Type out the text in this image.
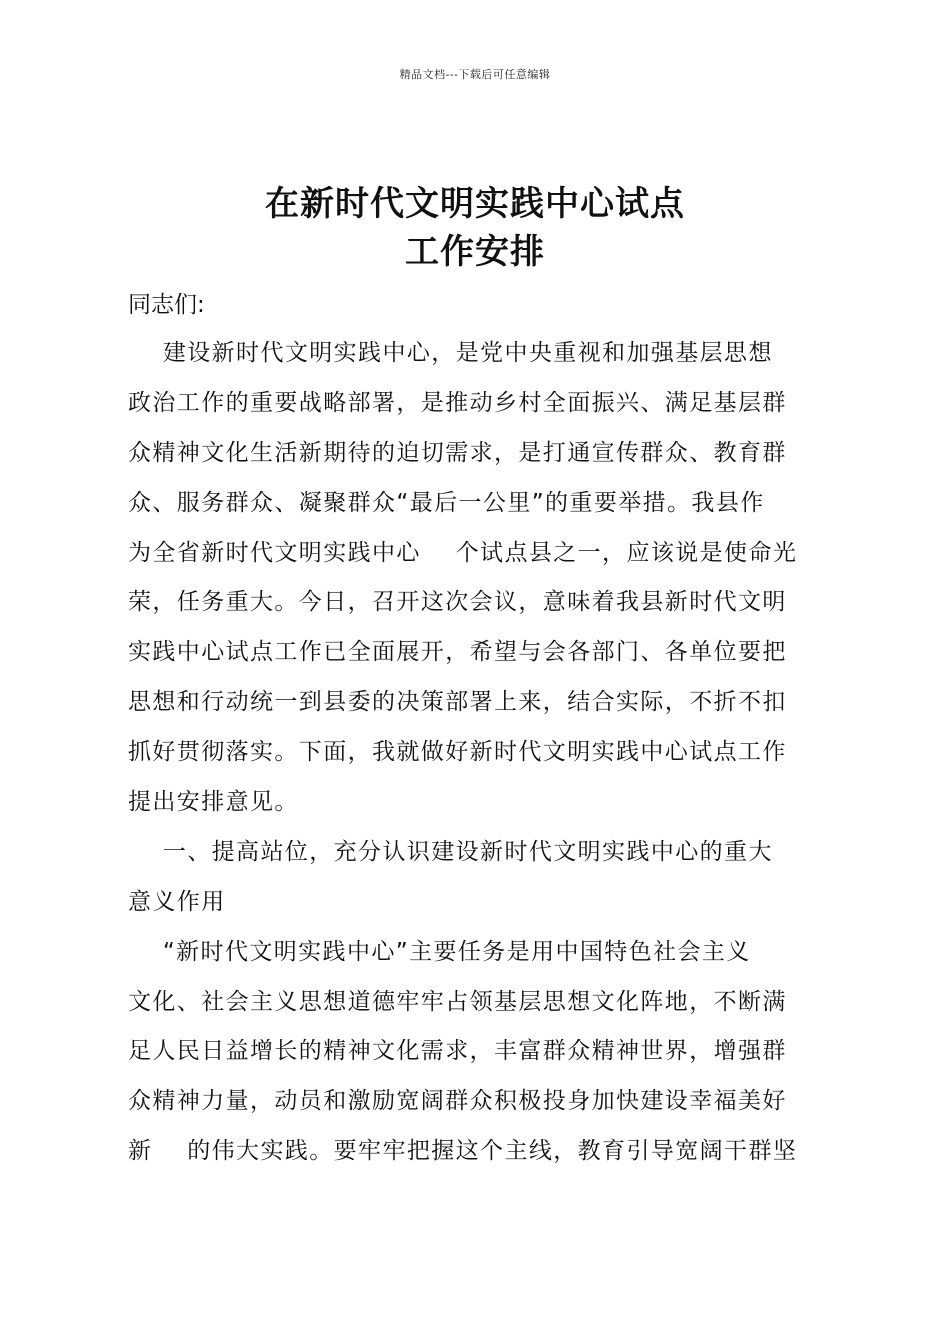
精品文档---下载后可任意编辑
在新时代文明实践中心试点
工作安排
同志们:
建设新时代文明实践中心，是党中央重视和加强基层思想
政治工作的重要战略部署，是推动乡村全面振兴、满足基层群
众精神文化生活新期待的迫切需求，是打通宣传群众、教育群
众、服务群众、凝聚群众“最后一公里”的重要举措。我县作
为全省新时代文明实践中心    个试点县之一，应该说是使命光
荣，任务重大。今日，召开这次会议，意味着我县新时代文明
实践中心试点工作已全面展开，希望与会各部门、各单位要把
思想和行动统一到县委的决策部署上来，结合实际，不折不扣
抓好贯彻落实。下面，我就做好新时代文明实践中心试点工作
提出安排意见。
一、提高站位，充分认识建设新时代文明实践中心的重大
意义作用
“新时代文明实践中心”主要任务是用中国特色社会主义
文化、社会主义思想道德牢牢占领基层思想文化阵地，不断满
足人民日益增长的精神文化需求，丰富群众精神世界，增强群
众精神力量，动员和激励宽阔群众积极投身加快建设幸福美好
新    的伟大实践。要牢牢把握这个主线，教育引导宽阔干群坚
